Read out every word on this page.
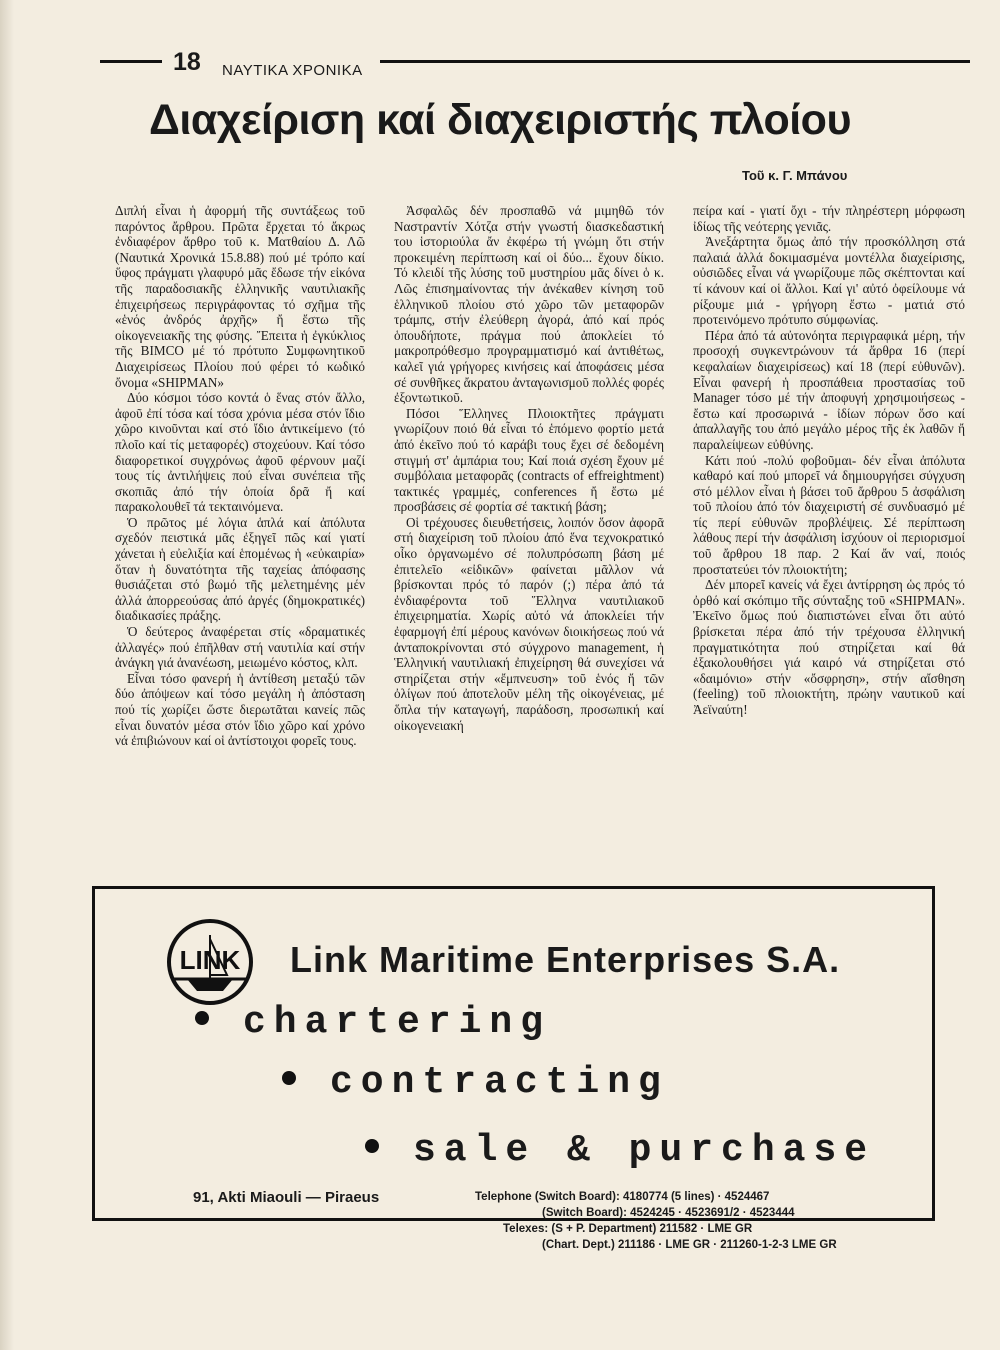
18 ΝΑΥΤΙΚΑ ΧΡΟΝΙΚΑ
Διαχείριση καί διαχειριστής πλοίου
Τοῦ κ. Γ. Μπάνου

Διπλή εἶναι ἡ ἀφορμή τῆς συντάξεως τοῦ παρόντος ἄρθρου. Πρῶτα ἔρχεται τό ἄκρως ἐνδιαφέρον ἄρθρο τοῦ κ. Ματθαίου Δ. Λῶ (Ναυτικά Χρονικά 15.8.88) πού μέ τρόπο καί ὕφος πράγματι γλαφυρό μᾶς ἔδωσε τήν εἰκόνα τῆς παραδοσιακῆς ἑλληνικῆς ναυτιλιακῆς ἐπιχειρήσεως περιγράφοντας τό σχῆμα τῆς «ἑνός ἀνδρός ἀρχῆς» ἤ ἔστω τῆς οἰκογενειακῆς της φύσης. Ἔπειτα ἡ ἐγκύκλιος τῆς BIMCO μέ τό πρότυπο Συμφωνητικοῦ Διαχειρίσεως Πλοίου πού φέρει τό κωδικό ὄνομα «SHIPMAN»

Δύο κόσμοι τόσο κοντά ὁ ἕνας στόν ἄλλο, ἀφοῦ ἐπί τόσα καί τόσα χρόνια μέσα στόν ἴδιο χῶρο κινοῦνται καί στό ἴδιο ἀντικείμενο (τό πλοῖο καί τίς μεταφορές) στοχεύουν. Καί τόσο διαφορετικοί συγχρόνως ἀφοῦ φέρνουν μαζί τους τίς ἀντιλήψεις πού εἶναι συνέπεια τῆς σκοπιᾶς ἀπό τήν ὁποία δρᾶ ἤ καί παρακολουθεῖ τά τεκταινόμενα.

Ὁ πρῶτος μέ λόγια ἁπλά καί ἀπόλυτα σχεδόν πειστικά μᾶς ἐξηγεῖ πῶς καί γιατί χάνεται ἡ εὐελιξία καί ἑπομένως ἡ «εὐκαιρία» ὅταν ἡ δυνατότητα τῆς ταχείας ἀπόφασης θυσιάζεται στό βωμό τῆς μελετημένης μέν ἀλλά ἀπορρεούσας ἀπό ἀργές (δημοκρατικές) διαδικασίες πράξης.

Ὁ δεύτερος ἀναφέρεται στίς «δραματικές ἀλλαγές» πού ἐπῆλθαν στή ναυτιλία καί στήν ἀνάγκη γιά ἀνανέωση, μειωμένο κόστος, κλπ.

Εἶναι τόσο φανερή ἡ ἀντίθεση μεταξύ τῶν δύο ἀπόψεων καί τόσο μεγάλη ἡ ἀπόσταση πού τίς χωρίζει ὥστε διερωτᾶται κανείς πῶς εἶναι δυνατόν μέσα στόν ἴδιο χῶρο καί χρόνο νά ἐπιβιώνουν καί οἱ ἀντίστοιχοι φορεῖς τους.

Ἀσφαλῶς δέν προσπαθῶ νά μιμηθῶ τόν Ναστραντίν Χότζα στήν γνωστή διασκεδαστική του ἱστοριούλα ἄν ἐκφέρω τή γνώμη ὅτι στήν προκειμένη περίπτωση καί οἱ δύο... ἔχουν δίκιο. Τό κλειδί τῆς λύσης τοῦ μυστηρίου μᾶς δίνει ὁ κ. Λῶς ἐπισημαίνοντας τήν ἀνέκαθεν κίνηση τοῦ ἑλληνικοῦ πλοίου στό χῶρο τῶν μεταφορῶν τράμπς, στήν ἐλεύθερη ἀγορά, ἀπό καί πρός ὁπουδήποτε, πράγμα πού ἀποκλείει τό μακροπρόθεσμο προγραμματισμό καί ἀντιθέτως, καλεῖ γιά γρήγορες κινήσεις καί ἀποφάσεις μέσα σέ συνθῆκες ἄκρατου ἀνταγωνισμοῦ πολλές φορές ἐξοντωτικοῦ.

Πόσοι Ἕλληνες Πλοιοκτῆτες πράγματι γνωρίζουν ποιό θά εἶναι τό ἑπόμενο φορτίο μετά ἀπό ἐκεῖνο πού τό καράβι τους ἔχει σέ δεδομένη στιγμή στ' ἀμπάρια του; Καί ποιά σχέση ἔχουν μέ συμβόλαια μεταφορᾶς (contracts of effreightment) τακτικές γραμμές, conferences ἤ ἔστω μέ προσβάσεις σέ φορτία σέ τακτική βάση;

Οἱ τρέχουσες διευθετήσεις, λοιπόν ὅσον ἀφορᾶ στή διαχείριση τοῦ πλοίου ἀπό ἕνα τεχνοκρατικό οἶκο ὀργανωμένο σέ πολυπρόσωπη βάση μέ ἐπιτελεῖο «εἰδικῶν» φαίνεται μᾶλλον νά βρίσκονται πρός τό παρόν (;) πέρα ἀπό τά ἐνδιαφέροντα τοῦ Ἕλληνα ναυτιλιακοῦ ἐπιχειρηματία. Χωρίς αὐτό νά ἀποκλείει τήν ἐφαρμογή ἐπί μέρους κανόνων διοικήσεως πού νά ἀνταποκρίνονται στό σύγχρονο management, ἡ Ἑλληνική ναυτιλιακή ἐπιχείρηση θά συνεχίσει νά στηρίζεται στήν «ἔμπνευση» τοῦ ἑνός ἤ τῶν ὀλίγων πού ἀποτελοῦν μέλη τῆς οἰκογένειας, μέ ὅπλα τήν καταγωγή, παράδοση, προσωπική καί οἰκογενειακή

πείρα καί - γιατί ὄχι - τήν πληρέστερη μόρφωση ἰδίως τῆς νεότερης γενιᾶς.

Ἀνεξάρτητα ὅμως ἀπό τήν προσκόλληση στά παλαιά ἀλλά δοκιμασμένα μοντέλλα διαχείρισης, οὐσιῶδες εἶναι νά γνωρίζουμε πῶς σκέπτονται καί τί κάνουν καί οἱ ἄλλοι. Καί γι' αὐτό ὀφείλουμε νά ρίξουμε μιά - γρήγορη ἔστω - ματιά στό προτεινόμενο πρότυπο σύμφωνίας.

Πέρα ἀπό τά αὐτονόητα περιγραφικά μέρη, τήν προσοχή συγκεντρώνουν τά ἄρθρα 16 (περί κεφαλαίων διαχειρίσεως) καί 18 (περί εὐθυνῶν). Εἶναι φανερή ἡ προσπάθεια προστασίας τοῦ Manager τόσο μέ τήν ἀποφυγή χρησιμοιήσεως - ἔστω καί προσωρινά - ἰδίων πόρων ὅσο καί ἀπαλλαγῆς του ἀπό μεγάλο μέρος τῆς ἐκ λαθῶν ἤ παραλείψεων εὐθύνης.

Κάτι πού -πολύ φοβοῦμαι- δέν εἶναι ἀπόλυτα καθαρό καί πού μπορεῖ νά δημιουργήσει σύγχυση στό μέλλον εἶναι ἡ βάσει τοῦ ἄρθρου 5 ἀσφάλιση τοῦ πλοίου ἀπό τόν διαχειριστή σέ συνδυασμό μέ τίς περί εὐθυνῶν προβλέψεις. Σέ περίπτωση λάθους περί τήν ἀσφάλιση ἰσχύουν οἱ περιορισμοί τοῦ ἄρθρου 18 παρ. 2 Καί ἄν ναί, ποιός προστατεύει τόν πλοιοκτήτη;

Δέν μπορεῖ κανείς νά ἔχει ἀντίρρηση ὡς πρός τό ὀρθό καί σκόπιμο τῆς σύνταξης τοῦ «SHIPMAN». Ἐκεῖνο ὅμως πού διαπιστώνει εἶναι ὅτι αὐτό βρίσκεται πέρα ἀπό τήν τρέχουσα ἑλληνική πραγματικότητα πού στηρίζεται καί θά ἐξακολουθήσει γιά καιρό νά στηρίζεται στό «δαιμόνιο» στήν «ὄσφρηση», στήν αἴσθηση (feeling) τοῦ πλοιοκτήτη, πρώην ναυτικοῦ καί Ἀεϊναύτη!

LINK Link Maritime Enterprises S.A.
chartering
contracting
sale & purchase
91, Akti Miaouli — Piraeus	Telephone (Switch Board): 4180774 (5 lines) · 4524467
(Switch Board): 4524245 · 4523691/2 · 4523444
Telexes: (S + P. Department) 211582 · LME GR
(Chart. Dept.) 211186 · LME GR · 211260-1-2-3 LME GR
